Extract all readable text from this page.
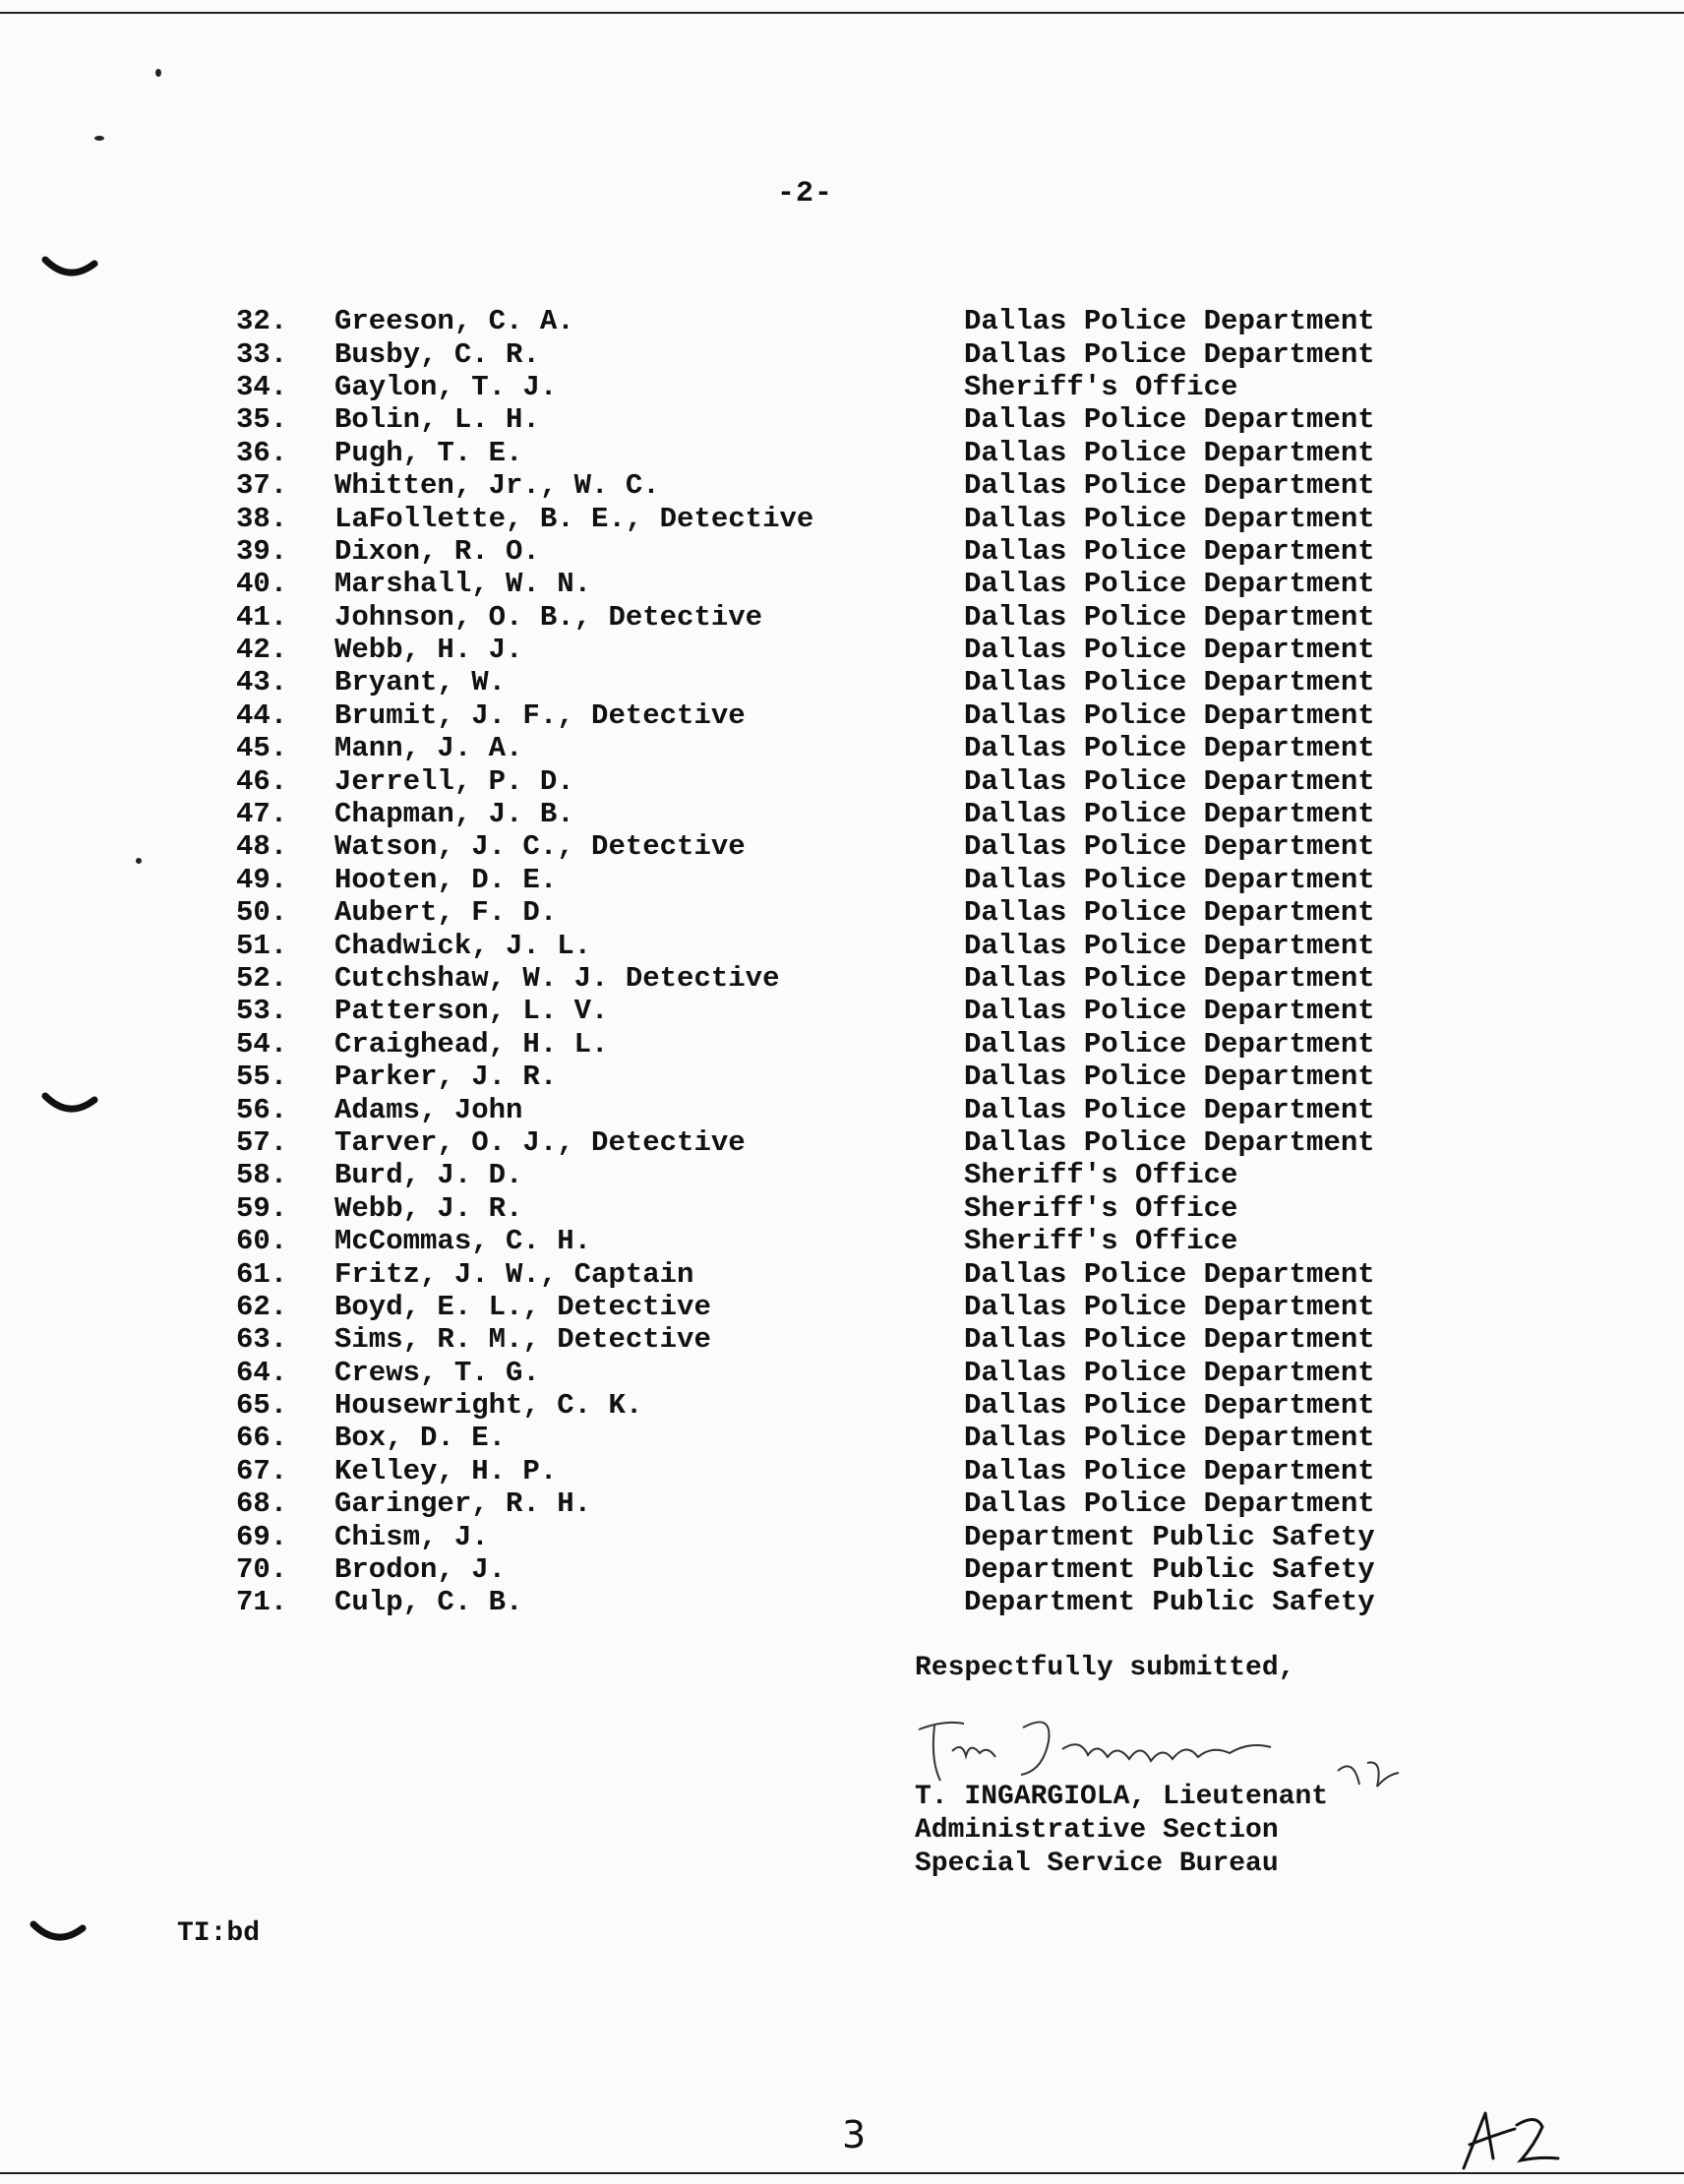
-2-
32.	Greeson, C. A.	Dallas Police Department
33.	Busby, C. R.	Dallas Police Department
34.	Gaylon, T. J.	Sheriff's Office
35.	Bolin, L. H.	Dallas Police Department
36.	Pugh, T. E.	Dallas Police Department
37.	Whitten, Jr., W. C.	Dallas Police Department
38.	LaFollette, B. E., Detective	Dallas Police Department
39.	Dixon, R. O.	Dallas Police Department
40.	Marshall, W. N.	Dallas Police Department
41.	Johnson, O. B., Detective	Dallas Police Department
42.	Webb, H. J.	Dallas Police Department
43.	Bryant, W.	Dallas Police Department
44.	Brumit, J. F., Detective	Dallas Police Department
45.	Mann, J. A.	Dallas Police Department
46.	Jerrell, P. D.	Dallas Police Department
47.	Chapman, J. B.	Dallas Police Department
48.	Watson, J. C., Detective	Dallas Police Department
49.	Hooten, D. E.	Dallas Police Department
50.	Aubert, F. D.	Dallas Police Department
51.	Chadwick, J. L.	Dallas Police Department
52.	Cutchshaw, W. J. Detective	Dallas Police Department
53.	Patterson, L. V.	Dallas Police Department
54.	Craighead, H. L.	Dallas Police Department
55.	Parker, J. R.	Dallas Police Department
56.	Adams, John	Dallas Police Department
57.	Tarver, O. J., Detective	Dallas Police Department
58.	Burd, J. D.	Sheriff's Office
59.	Webb, J. R.	Sheriff's Office
60.	McCommas, C. H.	Sheriff's Office
61.	Fritz, J. W., Captain	Dallas Police Department
62.	Boyd, E. L., Detective	Dallas Police Department
63.	Sims, R. M., Detective	Dallas Police Department
64.	Crews, T. G.	Dallas Police Department
65.	Housewright, C. K.	Dallas Police Department
66.	Box, D. E.	Dallas Police Department
67.	Kelley, H. P.	Dallas Police Department
68.	Garinger, R. H.	Dallas Police Department
69.	Chism, J.	Department Public Safety
70.	Brodon, J.	Department Public Safety
71.	Culp, C. B.	Department Public Safety
Respectfully submitted,
T. INGARGIOLA, Lieutenant
Administrative Section
Special Service Bureau
TI:bd
3
